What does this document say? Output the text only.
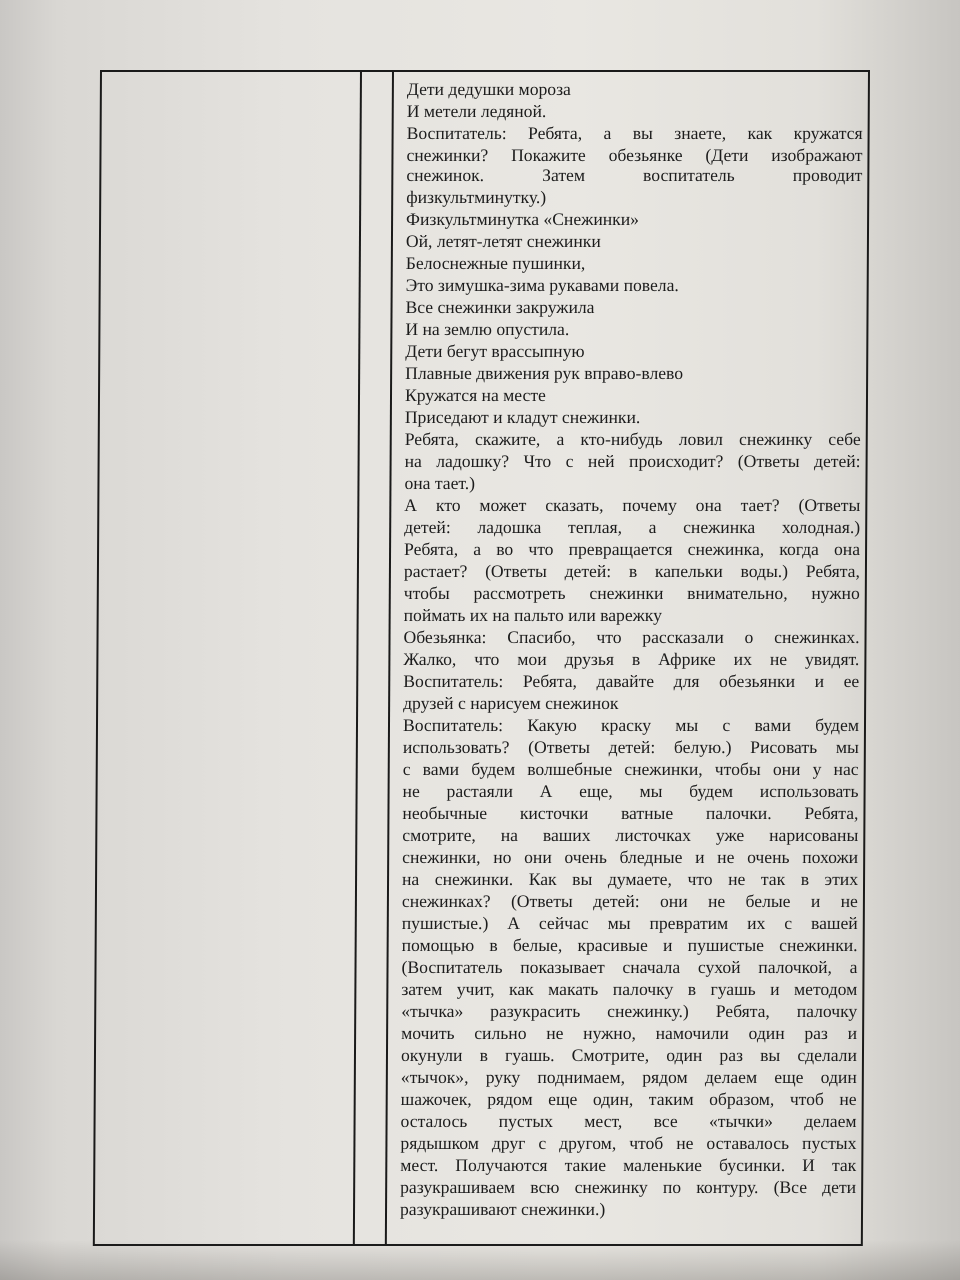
Дети дедушки мороза
И метели ледяной.
Воспитатель: Ребята, а вы знаете, как кружатся
снежинки? Покажите обезьянке (Дети изображают
снежинок.	Затем	воспитатель	проводит
физкультминутку.)
Физкультминутка «Снежинки»
Ой, летят-летят снежинки
Белоснежные пушинки,
Это зимушка-зима рукавами повела.
Все снежинки закружила
И на землю опустила.
Дети бегут врассыпную
Плавные движения рук вправо-влево
Кружатся на месте
Приседают и кладут снежинки.
Ребята, скажите, а кто-нибудь ловил снежинку себе
на ладошку? Что с ней происходит? (Ответы детей:
она тает.)
А кто может сказать, почему она тает? (Ответы
детей: ладошка теплая, а снежинка холодная.)
Ребята, а во что превращается снежинка, когда она
растает? (Ответы детей: в капельки воды.) Ребята,
чтобы рассмотреть снежинки внимательно, нужно
поймать их на пальто или варежку
Обезьянка: Спасибо, что рассказали о снежинках.
Жалко, что мои друзья в Африке их не увидят.
Воспитатель: Ребята, давайте для обезьянки и ее
друзей с нарисуем снежинок
Воспитатель: Какую краску мы с вами будем
использовать? (Ответы детей: белую.) Рисовать мы
с вами будем волшебные снежинки, чтобы они у нас
не растаяли А еще, мы будем использовать
необычные кисточки ватные палочки. Ребята,
смотрите, на ваших листочках уже нарисованы
снежинки, но они очень бледные и не очень похожи
на снежинки. Как вы думаете, что не так в этих
снежинках? (Ответы детей: они не белые и не
пушистые.) А сейчас мы превратим их с вашей
помощью в белые, красивые и пушистые снежинки.
(Воспитатель показывает сначала сухой палочкой, а
затем учит, как макать палочку в гуашь и методом
«тычка» разукрасить снежинку.) Ребята, палочку
мочить сильно не нужно, намочили один раз и
окунули в гуашь. Смотрите, один раз вы сделали
«тычок», руку поднимаем, рядом делаем еще один
шажочек, рядом еще один, таким образом, чтоб не
осталось пустых мест, все «тычки» делаем
рядышком друг с другом, чтоб не оставалось пустых
мест. Получаются такие маленькие бусинки. И так
разукрашиваем всю снежинку по контуру. (Все дети
разукрашивают снежинки.)
